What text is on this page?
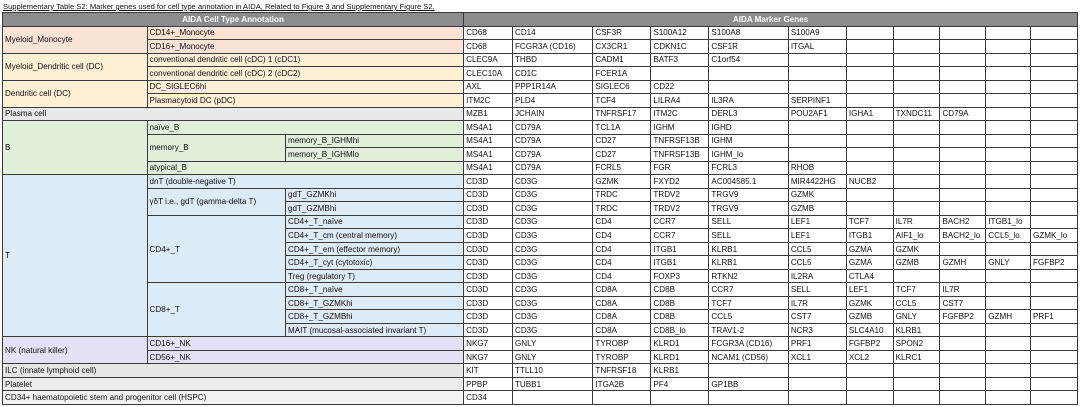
Supplementary Table S2: Marker genes used for cell type annotation in AIDA, Related to Figure 3 and Supplementary Figure S2.
AIDA Cell Type Annotation			AIDA Marker Genes										
Myeloid_Monocyte	CD14+_Monocyte		CD68	CD14	CSF3R	S100A12	S100A8	S100A9					
	CD16+_Monocyte		CD68	FCGR3A (CD16)	CX3CR1	CDKN1C	CSF1R	ITGAL					
Myeloid_Dendritic cell (DC)	conventional dendritic cell (cDC) 1 (cDC1)		CLEC9A	THBD	CADM1	BATF3	C1orf54						
	conventional dendritic cell (cDC) 2 (cDC2)		CLEC10A	CD1C	FCER1A								
Dendritic cell (DC)	DC_SIGLEC6hi		AXL	PPP1R14A	SIGLEC6	CD22							
	Plasmacytoid DC (pDC)		ITM2C	PLD4	TCF4	LILRA4	IL3RA	SERPINF1					
Plasma cell			MZB1	JCHAIN	TNFRSF17	ITM2C	DERL3	POU2AF1	IGHA1	TXNDC11	CD79A		
B	naïve_B		MS4A1	CD79A	TCL1A	IGHM	IGHD						
	memory_B	memory_B_IGHMhi	MS4A1	CD79A	CD27	TNFRSF13B	IGHM						
		memory_B_IGHMlo	MS4A1	CD79A	CD27	TNFRSF13B	IGHM_lo						
	atypical_B		MS4A1	CD79A	FCRL5	FGR	FCRL3	RHOB					
T	dnT (double-negative T)		CD3D	CD3G	GZMK	FXYD2	AC004585.1	MIR4422HG	NUCB2				
	γδT i.e., gdT (gamma-delta T)	gdT_GZMKhi	CD3D	CD3G	TRDC	TRDV2	TRGV9	GZMK					
		gdT_GZMBhi	CD3D	CD3G	TRDC	TRDV2	TRGV9	GZMB					
	CD4+_T	CD4+_T_naïve	CD3D	CD3G	CD4	CCR7	SELL	LEF1	TCF7	IL7R	BACH2	ITGB1_lo	
		CD4+_T_cm (central memory)	CD3D	CD3G	CD4	CCR7	SELL	LEF1	ITGB1	AIF1_lo	BACH2_lo	CCL5_lo	GZMK_lo
		CD4+_T_em (effector memory)	CD3D	CD3G	CD4	ITGB1	KLRB1	CCL5	GZMA	GZMK			
		CD4+_T_cyt (cytotoxic)	CD3D	CD3G	CD4	ITGB1	KLRB1	CCL5	GZMA	GZMB	GZMH	GNLY	FGFBP2
		Treg (regulatory T)	CD3D	CD3G	CD4	FOXP3	RTKN2	IL2RA	CTLA4				
	CD8+_T	CD8+_T_naïve	CD3D	CD3G	CD8A	CD8B	CCR7	SELL	LEF1	TCF7	IL7R		
		CD8+_T_GZMKhi	CD3D	CD3G	CD8A	CD8B	TCF7	IL7R	GZMK	CCL5	CST7		
		CD8+_T_GZMBhi	CD3D	CD3G	CD8A	CD8B	CCL5	CST7	GZMB	GNLY	FGFBP2	GZMH	PRF1
		MAIT (mucosal-associated invariant T)	CD3D	CD3G	CD8A	CD8B_lo	TRAV1-2	NCR3	SLC4A10	KLRB1			
NK (natural killer)	CD16+_NK		NKG7	GNLY	TYROBP	KLRD1	FCGR3A (CD16)	PRF1	FGFBP2	SPON2			
	CD56+_NK		NKG7	GNLY	TYROBP	KLRD1	NCAM1 (CD56)	XCL1	XCL2	KLRC1			
ILC (innate lymphoid cell)			KIT	TTLL10	TNFRSF18	KLRB1							
Platelet			PPBP	TUBB1	ITGA2B	PF4	GP1BB						
CD34+ haematopoietic stem and progenitor cell (HSPC)			CD34										
